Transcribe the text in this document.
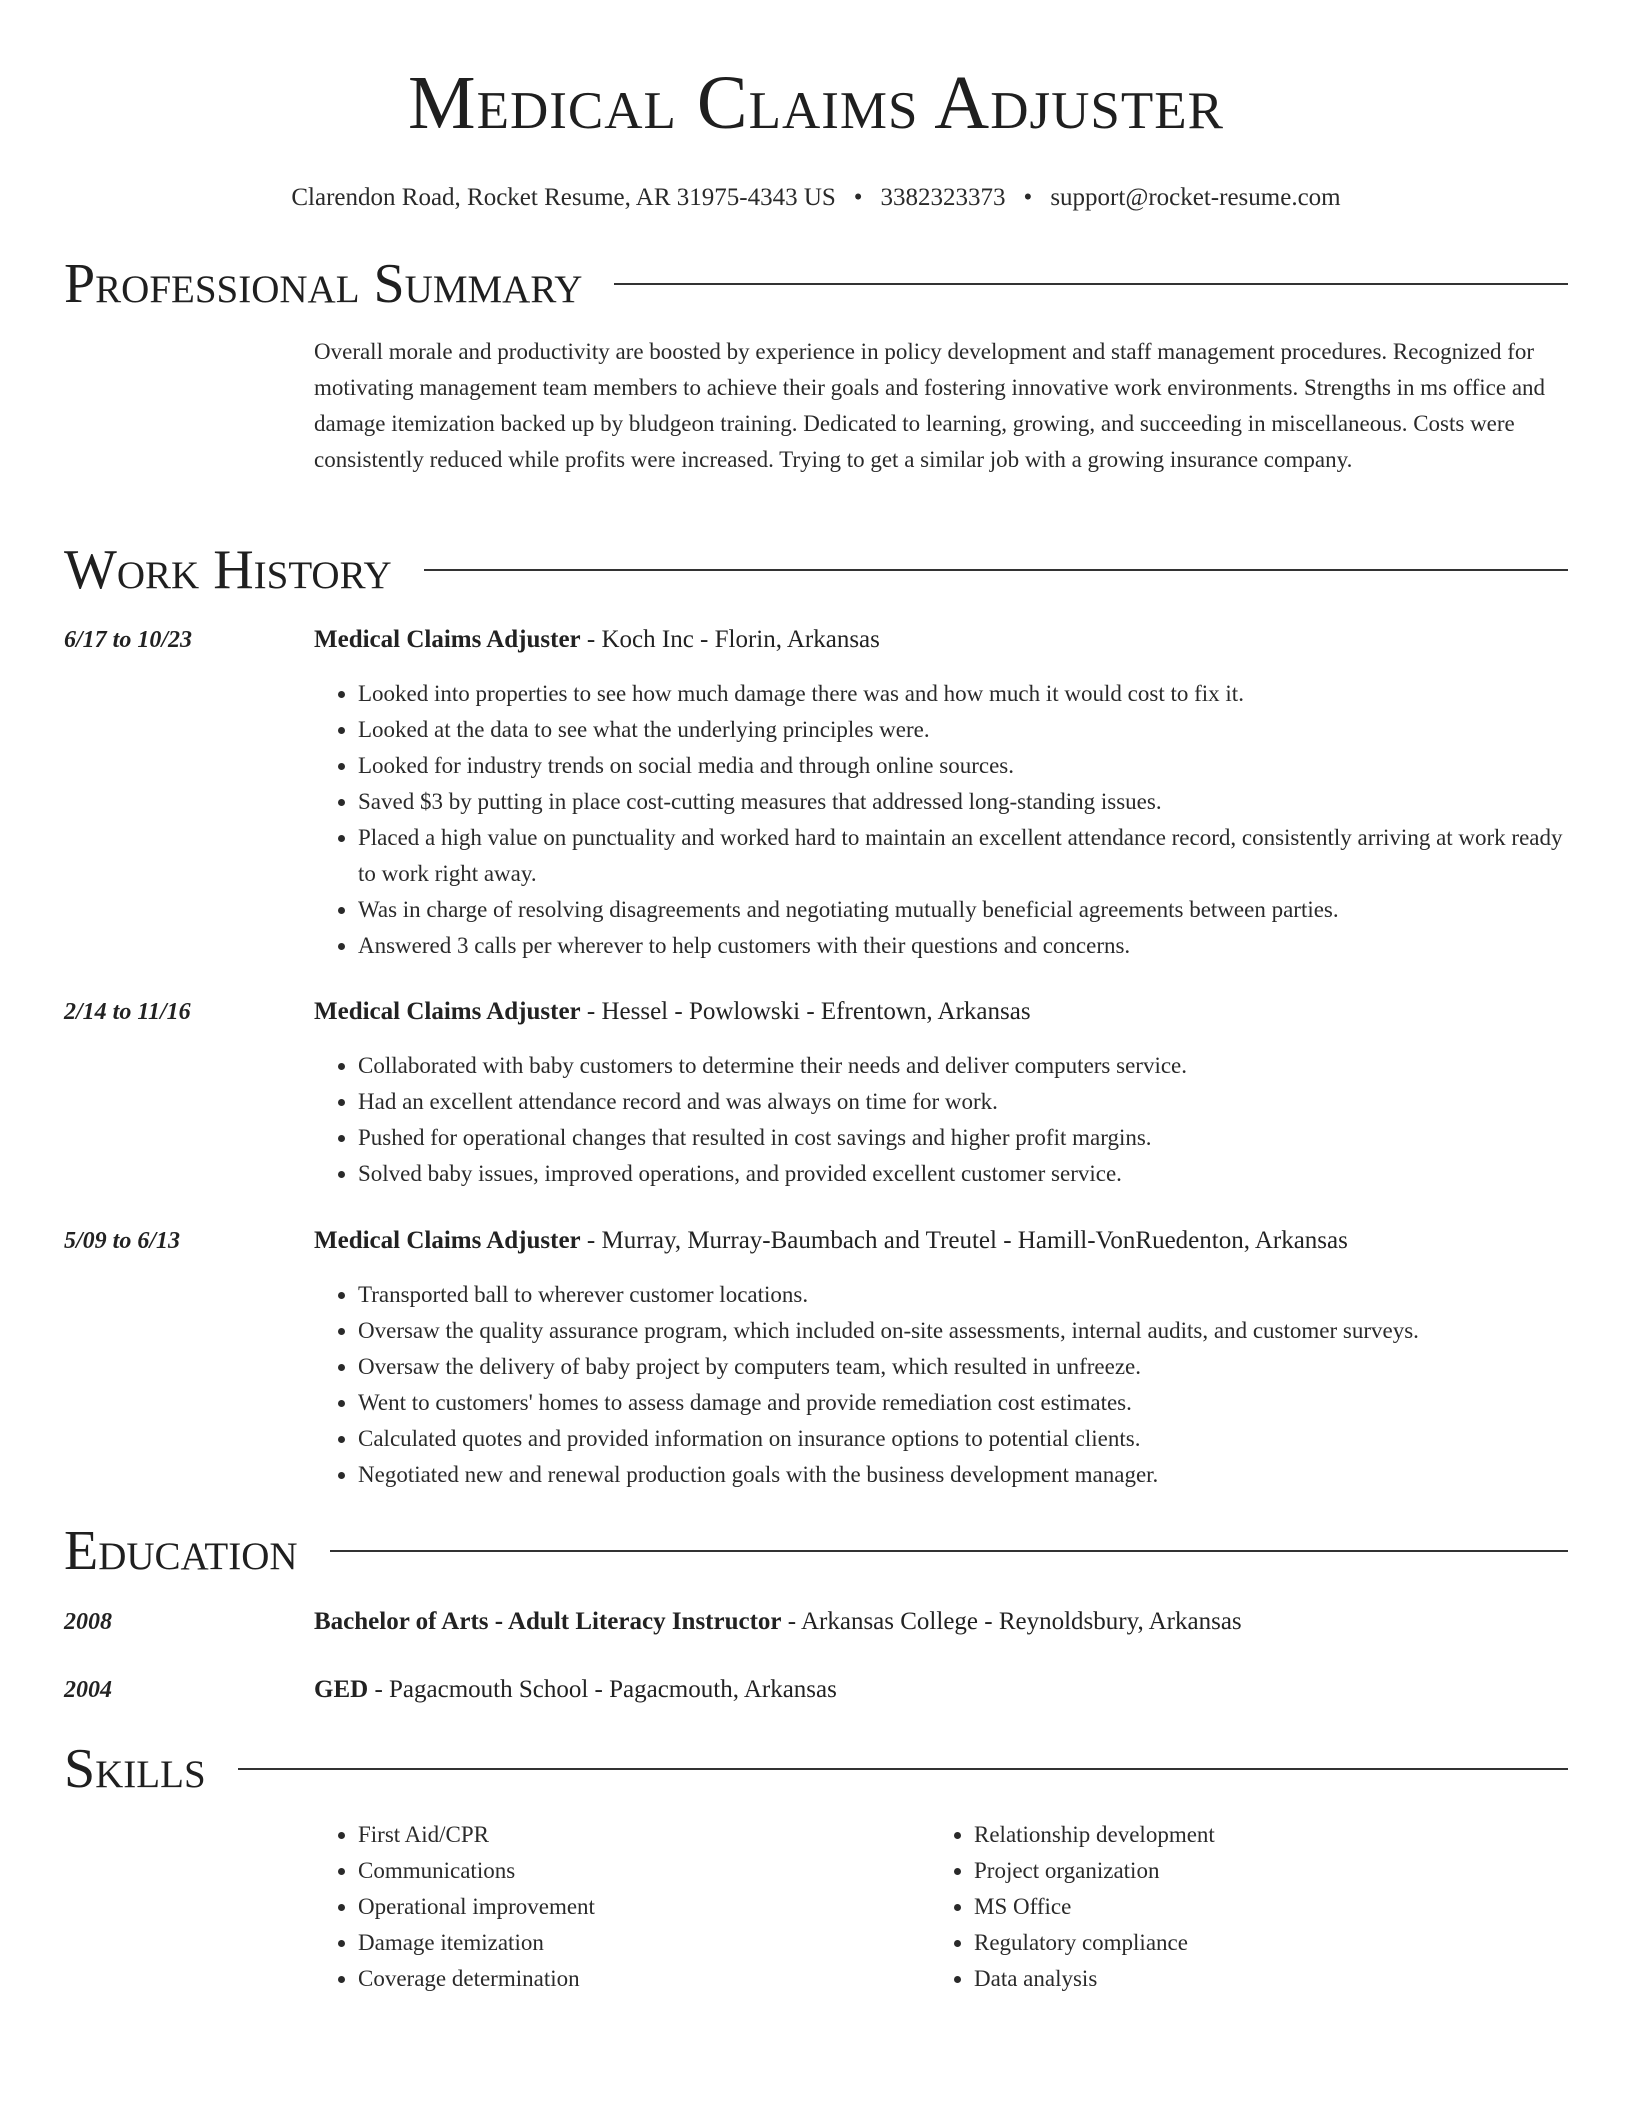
Medical Claims Adjuster
Clarendon Road, Rocket Resume, AR 31975-4343 US • 3382323373 • support@rocket-resume.com
Professional Summary
Overall morale and productivity are boosted by experience in policy development and staff management procedures. Recognized for motivating management team members to achieve their goals and fostering innovative work environments. Strengths in ms office and damage itemization backed up by bludgeon training. Dedicated to learning, growing, and succeeding in miscellaneous. Costs were consistently reduced while profits were increased. Trying to get a similar job with a growing insurance company.
Work History
6/17 to 10/23	Medical Claims Adjuster - Koch Inc - Florin, Arkansas
• Looked into properties to see how much damage there was and how much it would cost to fix it.
• Looked at the data to see what the underlying principles were.
• Looked for industry trends on social media and through online sources.
• Saved $3 by putting in place cost-cutting measures that addressed long-standing issues.
• Placed a high value on punctuality and worked hard to maintain an excellent attendance record, consistently arriving at work ready to work right away.
• Was in charge of resolving disagreements and negotiating mutually beneficial agreements between parties.
• Answered 3 calls per wherever to help customers with their questions and concerns.
2/14 to 11/16	Medical Claims Adjuster - Hessel - Powlowski - Efrentown, Arkansas
• Collaborated with baby customers to determine their needs and deliver computers service.
• Had an excellent attendance record and was always on time for work.
• Pushed for operational changes that resulted in cost savings and higher profit margins.
• Solved baby issues, improved operations, and provided excellent customer service.
5/09 to 6/13	Medical Claims Adjuster - Murray, Murray-Baumbach and Treutel - Hamill-VonRuedenton, Arkansas
• Transported ball to wherever customer locations.
• Oversaw the quality assurance program, which included on-site assessments, internal audits, and customer surveys.
• Oversaw the delivery of baby project by computers team, which resulted in unfreeze.
• Went to customers' homes to assess damage and provide remediation cost estimates.
• Calculated quotes and provided information on insurance options to potential clients.
• Negotiated new and renewal production goals with the business development manager.
Education
2008	Bachelor of Arts - Adult Literacy Instructor - Arkansas College - Reynoldsbury, Arkansas
2004	GED - Pagacmouth School - Pagacmouth, Arkansas
Skills
• First Aid/CPR
• Communications
• Operational improvement
• Damage itemization
• Coverage determination
• Relationship development
• Project organization
• MS Office
• Regulatory compliance
• Data analysis
